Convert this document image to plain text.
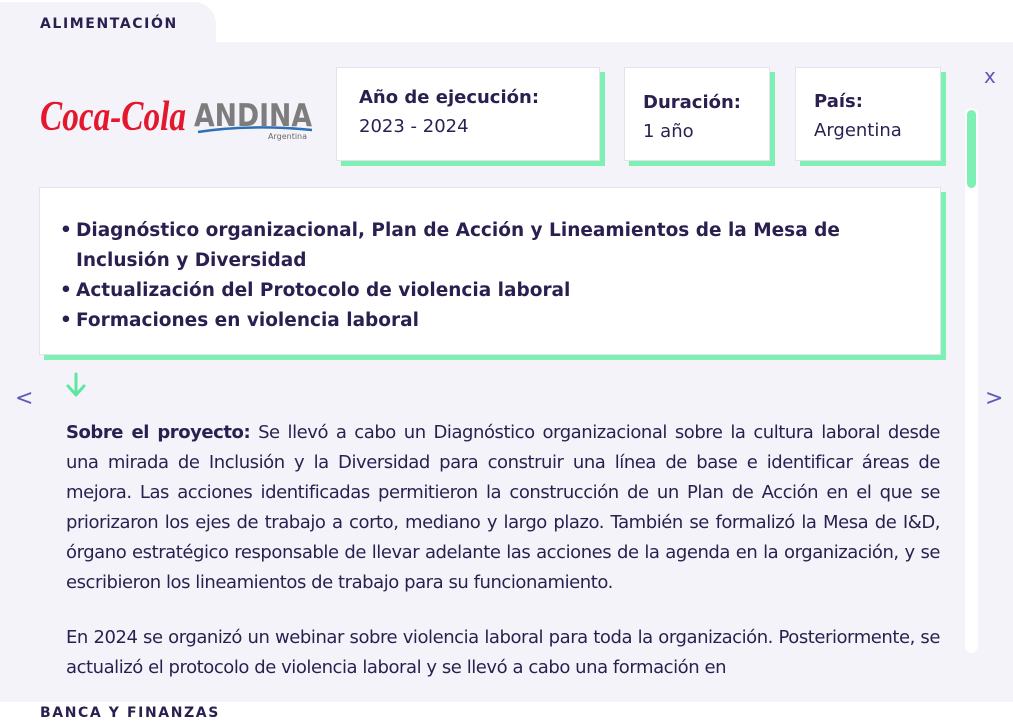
ALIMENTACIÓN
x
<	>
Coca-Cola ANDINA
Argentina
Año de ejecución:
2023 - 2024
Duración:
1 año
País:
Argentina
• Diagnóstico organizacional, Plan de Acción y Lineamientos de la Mesa de Inclusión y Diversidad
• Actualización del Protocolo de violencia laboral
• Formaciones en violencia laboral

Sobre el proyecto: Se llevó a cabo un Diagnóstico organizacional sobre la cultura laboral desde una mirada de Inclusión y la Diversidad para construir una línea de base e identificar áreas de mejora. Las acciones identificadas permitieron la construcción de un Plan de Acción en el que se priorizaron los ejes de trabajo a corto, mediano y largo plazo. También se formalizó la Mesa de I&D, órgano estratégico responsable de llevar adelante las acciones de la agenda en la organización, y se escribieron los lineamientos de trabajo para su funcionamiento.

En 2024 se organizó un webinar sobre violencia laboral para toda la organización. Posteriormente, se actualizó el protocolo de violencia laboral y se llevó a cabo una formación en

BANCA Y FINANZAS
